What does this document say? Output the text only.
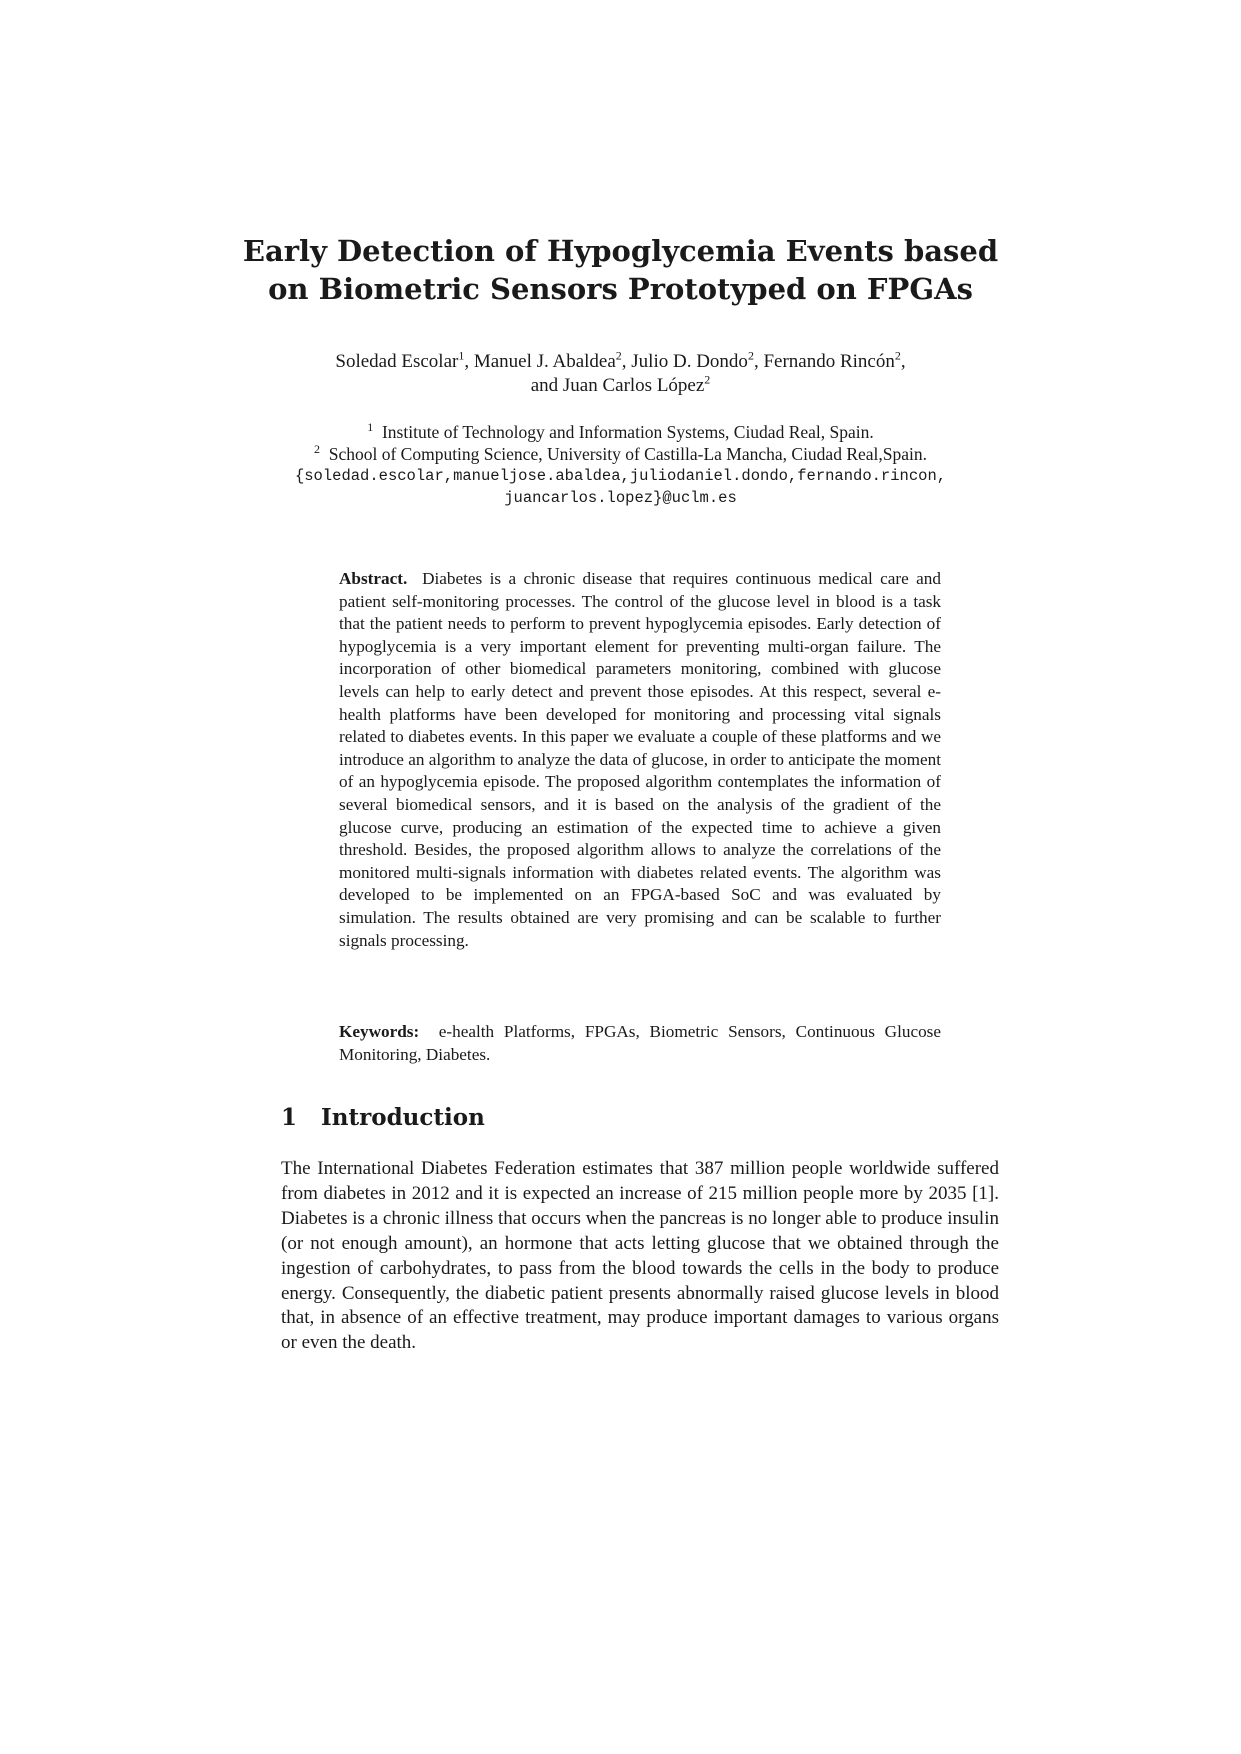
Early Detection of Hypoglycemia Events based
on Biometric Sensors Prototyped on FPGAs
Soledad Escolar$^1$, Manuel J. Abaldea$^2$, Julio D. Dondo$^2$, Fernando Rincón$^2$,
and Juan Carlos López$^2$
$^1$ Institute of Technology and Information Systems, Ciudad Real, Spain.
$^2$ School of Computing Science, University of Castilla-La Mancha, Ciudad Real,Spain.
{soledad.escolar,manueljose.abaldea,juliodaniel.dondo,fernando.rincon,
juancarlos.lopez}@uclm.es

Abstract. Diabetes is a chronic disease that requires continuous medical care and patient self-monitoring processes. The control of the glucose level in blood is a task that the patient needs to perform to prevent hypoglycemia episodes. Early detection of hypoglycemia is a very important element for preventing multi-organ failure. The incorporation of other biomedical parameters monitoring, combined with glucose levels can help to early detect and prevent those episodes. At this respect, several e-health platforms have been developed for monitoring and processing vital signals related to diabetes events. In this paper we evaluate a couple of these platforms and we introduce an algorithm to analyze the data of glucose, in order to anticipate the moment of an hypoglycemia episode. The proposed algorithm contemplates the information of several biomedical sensors, and it is based on the analysis of the gradient of the glucose curve, producing an estimation of the expected time to achieve a given threshold. Besides, the proposed algorithm allows to analyze the correlations of the monitored multi-signals information with diabetes related events. The algorithm was developed to be implemented on an FPGA-based SoC and was evaluated by simulation. The results obtained are very promising and can be scalable to further signals processing.

Keywords: e-health Platforms, FPGAs, Biometric Sensors, Continuous Glucose Monitoring, Diabetes.
1 Introduction

The International Diabetes Federation estimates that 387 million people worldwide suffered from diabetes in 2012 and it is expected an increase of 215 million people more by 2035 [1]. Diabetes is a chronic illness that occurs when the pancreas is no longer able to produce insulin (or not enough amount), an hormone that acts letting glucose that we obtained through the ingestion of carbohydrates, to pass from the blood towards the cells in the body to produce energy. Consequently, the diabetic patient presents abnormally raised glucose levels in blood that, in absence of an effective treatment, may produce important damages to various organs or even the death.
